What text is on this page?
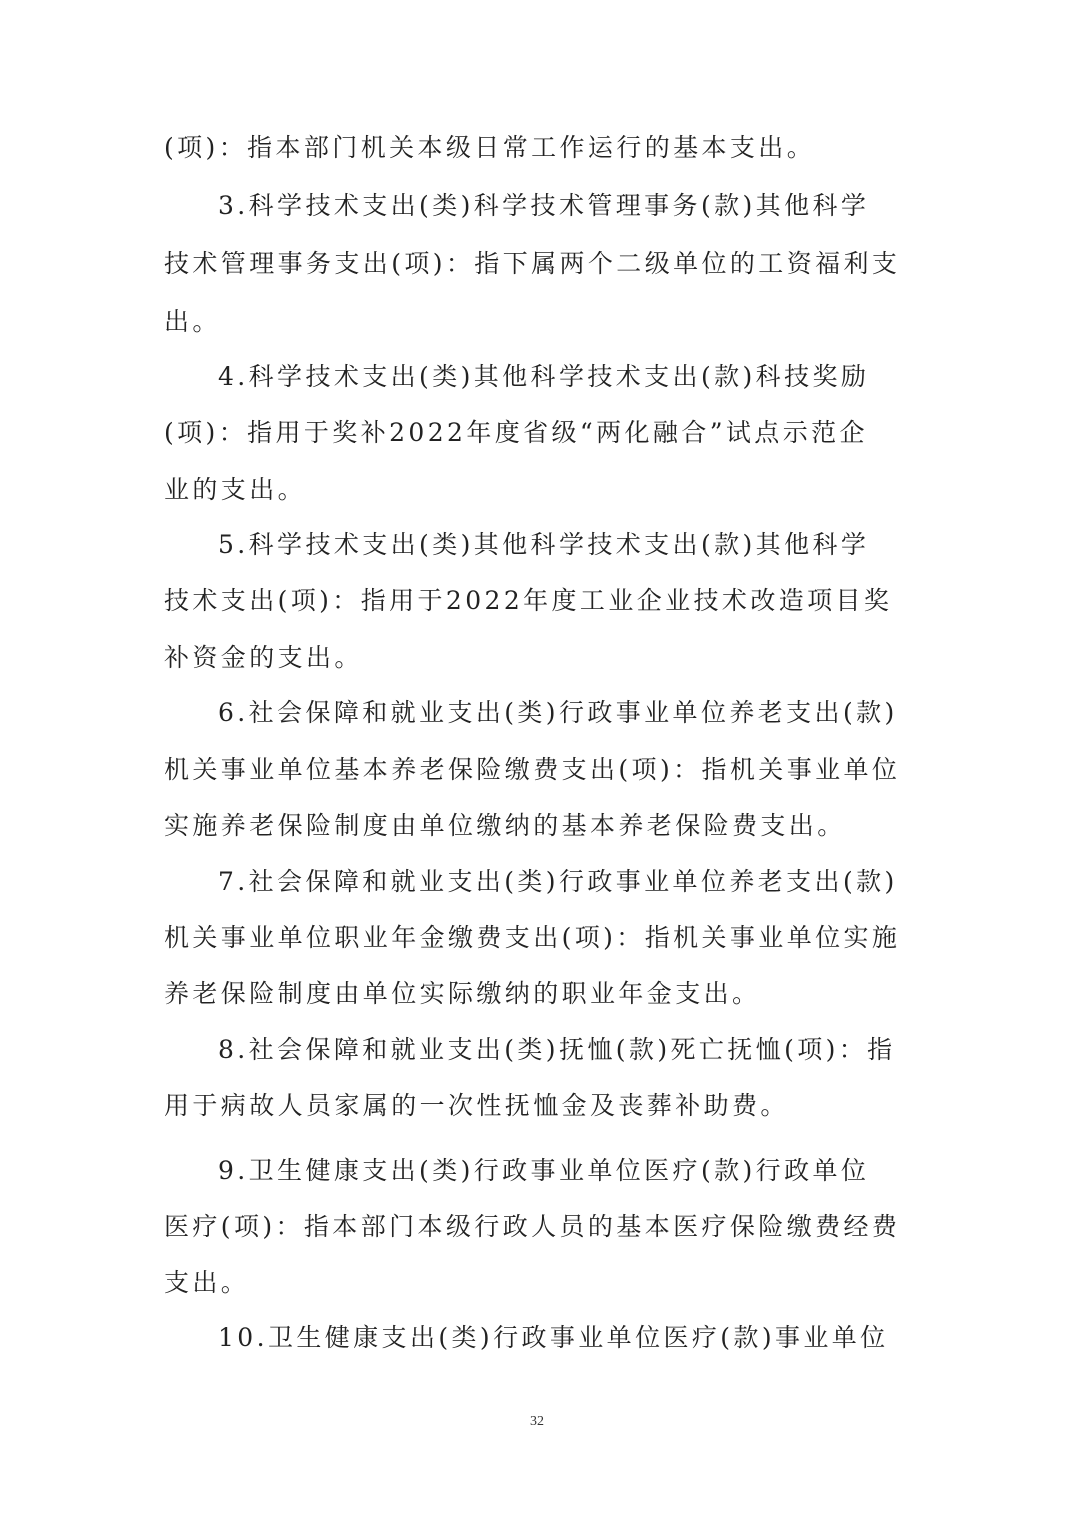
(项)：指本部门机关本级日常工作运行的基本支出。
3.科学技术支出(类)科学技术管理事务(款)其他科学
技术管理事务支出(项)：指下属两个二级单位的工资福利支
出。
4.科学技术支出(类)其他科学技术支出(款)科技奖励
(项)：指用于奖补2022年度省级“两化融合”试点示范企
业的支出。
5.科学技术支出(类)其他科学技术支出(款)其他科学
技术支出(项)：指用于2022年度工业企业技术改造项目奖
补资金的支出。
6.社会保障和就业支出(类)行政事业单位养老支出(款)
机关事业单位基本养老保险缴费支出(项)：指机关事业单位
实施养老保险制度由单位缴纳的基本养老保险费支出。
7.社会保障和就业支出(类)行政事业单位养老支出(款)
机关事业单位职业年金缴费支出(项)：指机关事业单位实施
养老保险制度由单位实际缴纳的职业年金支出。
8.社会保障和就业支出(类)抚恤(款)死亡抚恤(项)：指
用于病故人员家属的一次性抚恤金及丧葬补助费。
9.卫生健康支出(类)行政事业单位医疗(款)行政单位
医疗(项)：指本部门本级行政人员的基本医疗保险缴费经费
支出。
10.卫生健康支出(类)行政事业单位医疗(款)事业单位
32
